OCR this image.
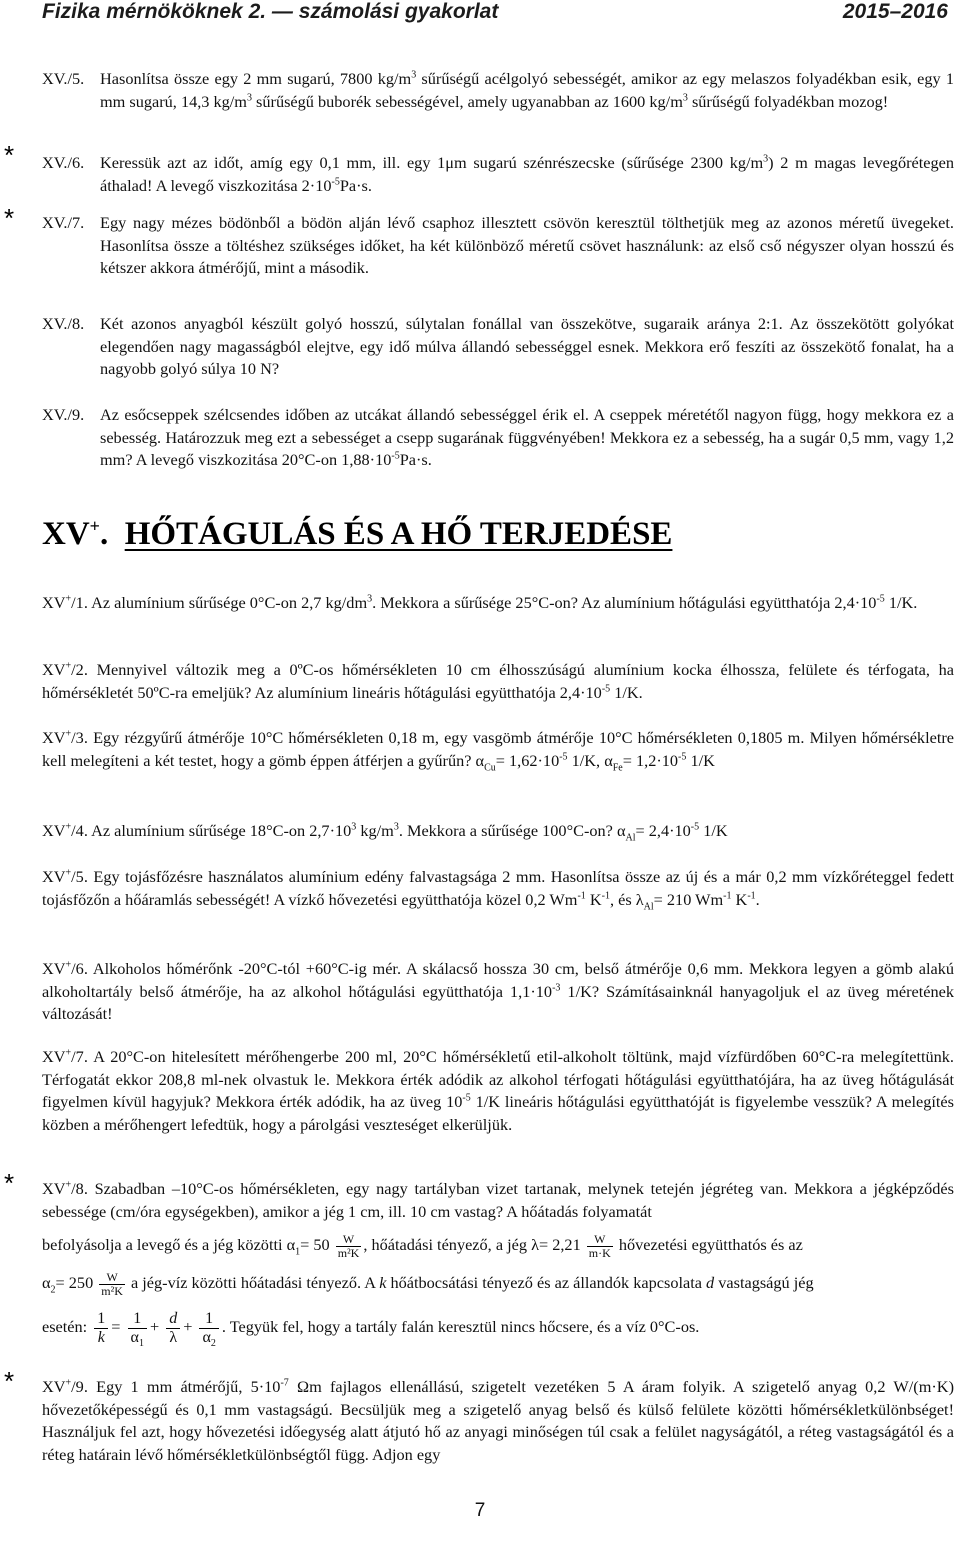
Fizika mérnököknek 2. — számolási gyakorlat	2015–2016
*
*
*
*
XV./5. Hasonlítsa össze egy 2 mm sugarú, 7800 $kg/m^3$ sűrűségű acélgolyó sebességét, amikor az egy melaszos folyadékban esik, egy 1 mm sugarú, 14,3 $kg/m^3$ sűrűségű buborék sebességével, amely ugyanabban az 1600 $kg/m^3$ sűrűségű folyadékban mozog!
XV./6. Keressük azt az időt, amíg egy 0,1 mm, ill. egy 1μm sugarú szénrészecske (sűrűsége 2300 $kg/m^3$) 2 m magas levegőrétegen áthalad! A levegő viszkozitása $2\cdot 10^{-5}Pa\cdot s$.
XV./7. Egy nagy mézes bödönből a bödön alján lévő csaphoz illesztett csövön keresztül tölthetjük meg az azonos méretű üvegeket. Hasonlítsa össze a töltéshez szükséges időket, ha két különböző méretű csövet használunk: az első cső négyszer olyan hosszú és kétszer akkora átmérőjű, mint a második.
XV./8. Két azonos anyagból készült golyó hosszú, súlytalan fonállal van összekötve, sugaraik aránya 2:1. Az összekötött golyókat elegendően nagy magasságból elejtve, egy idő múlva állandó sebességgel esnek. Mekkora erő feszíti az összekötő fonalat, ha a nagyobb golyó súlya 10 N?
XV./9. Az esőcseppek szélcsendes időben az utcákat állandó sebességgel érik el. A cseppek méretétől nagyon függ, hogy mekkora ez a sebesség. Határozzuk meg ezt a sebességet a csepp sugarának függvényében! Mekkora ez a sebesség, ha a sugár 0,5 mm, vagy 1,2 mm? A levegő viszkozitása 20°C-on $1,88\cdot 10^{-5}Pa\cdot s$.
XV+. HŐTÁGULÁS ÉS A HŐ TERJEDÉSE
XV+/1. Az alumínium sűrűsége 0°C-on 2,7 $kg/dm^3$. Mekkora a sűrűsége 25°C-on? Az alumínium hőtágulási együtthatója $2,4\cdot 10^{-5}$ 1/K.
XV+/2. Mennyivel változik meg a 0ºC-os hőmérsékleten 10 cm élhosszúságú alumínium kocka élhossza, felülete és térfogata, ha hőmérsékletét 50ºC-ra emeljük? Az alumínium lineáris hőtágulási együtthatója $2,4\cdot 10^{-5}$ 1/K.
XV+/3. Egy rézgyűrű átmérője 10°C hőmérsékleten 0,18 m, egy vasgömb átmérője 10°C hőmérsékleten 0,1805 m. Milyen hőmérsékletre kell melegíteni a két testet, hogy a gömb éppen átférjen a gyűrűn? $\alpha_{Cu}= 1,62\cdot 10^{-5}$ 1/K, $\alpha_{Fe}= 1,2\cdot 10^{-5}$ 1/K
XV+/4. Az alumínium sűrűsége 18°C-on $2,7\cdot 10^3$ $kg/m^3$. Mekkora a sűrűsége 100°C-on? $\alpha_{Al}= 2,4\cdot 10^{-5}$ 1/K
XV+/5. Egy tojásfőzésre használatos alumínium edény falvastagsága 2 mm. Hasonlítsa össze az új és a már 0,2 mm vízkőréteggel fedett tojásfőzőn a hőáramlás sebességét! A vízkő hővezetési együtthatója közel 0,2 $Wm^{-1}$ $K^{-1}$, és $\lambda_{Al}= 210$ $Wm^{-1}$ $K^{-1}$.
XV+/6. Alkoholos hőmérőnk -20°C-tól +60°C-ig mér. A skálacső hossza 30 cm, belső átmérője 0,6 mm. Mekkora legyen a gömb alakú alkoholtartály belső átmérője, ha az alkohol hőtágulási együtthatója $1,1\cdot 10^{-3}$ 1/K? Számításainknál hanyagoljuk el az üveg méretének változását!
XV+/7. A 20°C-on hitelesített mérőhengerbe 200 ml, 20°C hőmérsékletű etil-alkoholt töltünk, majd vízfürdőben 60°C-ra melegítettünk. Térfogatát ekkor 208,8 ml-nek olvastuk le. Mekkora érték adódik az alkohol térfogati hőtágulási együtthatójára, ha az üveg hőtágulását figyelmen kívül hagyjuk? Mekkora érték adódik, ha az üveg $10^{-5}$ 1/K lineáris hőtágulási együtthatóját is figyelembe vesszük? A melegítés közben a mérőhengert lefedtük, hogy a párolgási veszteséget elkerüljük.
XV+/8. Szabadban –10°C-os hőmérsékleten, egy nagy tartályban vizet tartanak, melynek tetején jégréteg van. Mekkora a jégképződés sebessége (cm/óra egységekben), amikor a jég 1 cm, ill. 10 cm vastag? A hőátadás folyamatát
befolyásolja a levegő és a jég közötti $\alpha_1= 50 \frac{W}{\text{m²K}}$ , hőátadási tényező, a jég $\lambda= 2,21 \frac{W}{m\cdot K}$ hővezetési együtthatós és az
$\alpha_2= 250 \frac{W}{\text{m²K}}$ a jég-víz közötti hőátadási tényező. A k hőátbocsátási tényező és az állandók kapcsolata d vastagságú jég
esetén: $\frac{1}{k} = \frac{1}{\alpha_1} + \frac{d}{\lambda} + \frac{1}{\alpha_2}$ . Tegyük fel, hogy a tartály falán keresztül nincs hőcsere, és a víz 0°C-os.
XV+/9. Egy 1 mm átmérőjű, $5\cdot 10^{-7}$ Ωm fajlagos ellenállású, szigetelt vezetéken 5 A áram folyik. A szigetelő anyag 0,2 W/(m·K) hővezetőképességű és 0,1 mm vastagságú. Becsüljük meg a szigetelő anyag belső és külső felülete közötti hőmérsékletkülönbséget! Használjuk fel azt, hogy hővezetési időegység alatt átjutó hő az anyagi minőségen túl csak a felület nagyságától, a réteg vastagságától és a réteg határain lévő hőmérsékletkülönbségtől függ. Adjon egy
7
